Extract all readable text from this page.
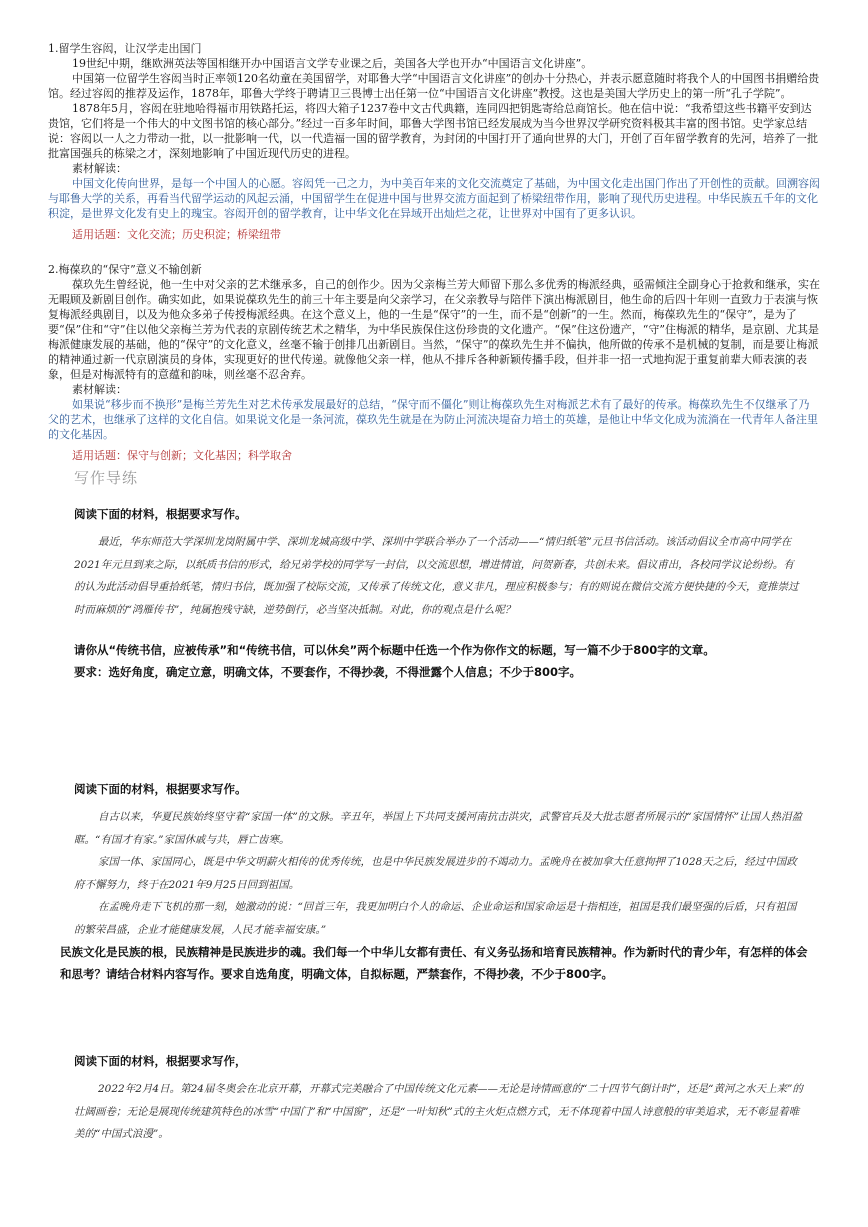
1.留学生容闳，让汉学走出国门

19世纪中期，继欧洲英法等国相继开办中国语言文学专业课之后，美国各大学也开办“中国语言文化讲座”。

中国第一位留学生容闳当时正率领120名幼童在美国留学，对耶鲁大学“中国语言文化讲座”的创办十分热心，并表示愿意随时将我个人的中国图书捐赠给贵馆。经过容闳的推荐及运作，1878年，耶鲁大学终于聘请卫三畏博士出任第一位“中国语言文化讲座”教授。这也是美国大学历史上的第一所“孔子学院”。

1878年5月，容闳在驻地哈得福市用铁路托运，将四大箱子1237卷中文古代典籍，连同四把钥匙寄给总商馆长。他在信中说：“我希望这些书籍平安到达贵馆，它们将是一个伟大的中文图书馆的核心部分。”经过一百多年时间，耶鲁大学图书馆已经发展成为当今世界汉学研究资料极其丰富的图书馆。史学家总结说：容闳以一人之力带动一批，以一批影响一代，以一代造福一国的留学教育，为封闭的中国打开了通向世界的大门，开创了百年留学教育的先河，培养了一批批富国强兵的栋梁之才，深刻地影响了中国近现代历史的进程。

素材解读：

中国文化传向世界，是每一个中国人的心愿。容闳凭一己之力，为中美百年来的文化交流奠定了基础，为中国文化走出国门作出了开创性的贡献。回溯容闳与耶鲁大学的关系，再看当代留学运动的风起云涌，中国留学生在促进中国与世界交流方面起到了桥梁纽带作用，影响了现代历史进程。中华民族五千年的文化积淀，是世界文化发有史上的瑰宝。容闳开创的留学教育，让中华文化在异域开出灿烂之花，让世界对中国有了更多认识。

适用话题：文化交流；历史积淀；桥梁纽带

2.梅葆玖的“保守”意义不输创新

葆玖先生曾经说，他一生中对父亲的艺术继承多，自己的创作少。因为父亲梅兰芳大师留下那么多优秀的梅派经典，亟需倾注全副身心于抢救和继承，实在无暇顾及新剧目创作。确实如此，如果说葆玖先生的前三十年主要是向父亲学习，在父亲教导与陪伴下演出梅派剧目，他生命的后四十年则一直致力于表演与恢复梅派经典剧目，以及为他众多弟子传授梅派经典。在这个意义上，他的一生是“保守”的一生，而不是“创新”的一生。然而，梅葆玖先生的“保守”，是为了要“保”住和“守”住以他父亲梅兰芳为代表的京剧传统艺术之精华，为中华民族保住这份珍贵的文化遗产。“保”住这份遗产，“守”住梅派的精华，是京剧、尤其是梅派健康发展的基础，他的“保守”的文化意义，丝毫不输于创排几出新剧目。当然，“保守”的葆玖先生并不偏执，他所做的传承不是机械的复制，而是要让梅派的精神通过新一代京剧演员的身体，实现更好的世代传递。就像他父亲一样，他从不排斥各种新颖传播手段，但并非一招一式地拘泥于重复前辈大师表演的表象，但是对梅派特有的意蕴和韵味，则丝毫不忍舍弃。

素材解读：

如果说“移步而不换形”是梅兰芳先生对艺术传承发展最好的总结，“保守而不僵化”则让梅葆玖先生对梅派艺术有了最好的传承。梅葆玖先生不仅继承了乃父的艺术，也继承了这样的文化自信。如果说文化是一条河流，葆玖先生就是在为防止河流决堤奋力培土的英雄，是他让中华文化成为流淌在一代青年人备注里的文化基因。

适用话题：保守与创新；文化基因；科学取舍

写作导练

阅读下面的材料，根据要求写作。

最近，华东师范大学深圳龙岗附属中学、深圳龙城高级中学、深圳中学联合举办了一个活动——“情归纸笔”元旦书信活动。该活动倡议全市高中同学在2021年元旦到来之际，以纸质书信的形式，给兄弟学校的同学写一封信，以交流思想，增进情谊，问贺新春，共创未来。倡议甫出，各校同学议论纷纷。有的认为此活动倡导重拾纸笔，情归书信，既加强了校际交流，又传承了传统文化，意义非凡，理应积极参与；有的则说在微信交流方便快捷的今天，竟推崇过时而麻烦的“鸿雁传书”，纯属抱残守缺，逆势倒行，必当坚决抵制。对此，你的观点是什么呢？

请你从“传统书信，应被传承”和“传统书信，可以休矣”两个标题中任选一个作为你作文的标题，写一篇不少于800字的文章。

要求：选好角度，确定立意，明确文体，不要套作，不得抄袭，不得泄露个人信息；不少于800字。

阅读下面的材料，根据要求写作。

自古以来，华夏民族始终坚守着“家国一体”的文脉。辛丑年，举国上下共同支援河南抗击洪灾，武警官兵及大批志愿者所展示的“家国情怀”让国人热泪盈眶。“有国才有家。”家国休戚与共，唇亡齿寒。

家国一体、家国同心，既是中华文明薪火相传的优秀传统，也是中华民族发展进步的不竭动力。孟晚舟在被加拿大任意拘押了1028天之后，经过中国政府不懈努力，终于在2021年9月25日回到祖国。

在孟晚舟走下飞机的那一刻，她激动的说：“回首三年，我更加明白个人的命运、企业命运和国家命运是十指相连，祖国是我们最坚强的后盾，只有祖国的繁荣昌盛，企业才能健康发展，人民才能幸福安康。”

民族文化是民族的根，民族精神是民族进步的魂。我们每一个中华儿女都有责任、有义务弘扬和培育民族精神。作为新时代的青少年，有怎样的体会和思考？请结合材料内容写作。要求自选角度，明确文体，自拟标题，严禁套作，不得抄袭，不少于800字。

阅读下面的材料，根据要求写作，

2022年2月4日。第24届冬奥会在北京开幕，开幕式完美融合了中国传统文化元素——无论是诗情画意的“二十四节气倒计时”，还是“黄河之水天上来”的壮阔画卷；无论是展现传统建筑特色的冰雪“中国门”和“中国窗”，还是“一叶知秋”式的主火炬点燃方式，无不体现着中国人诗意般的审美追求，无不彰显着唯美的“中国式浪漫”。
